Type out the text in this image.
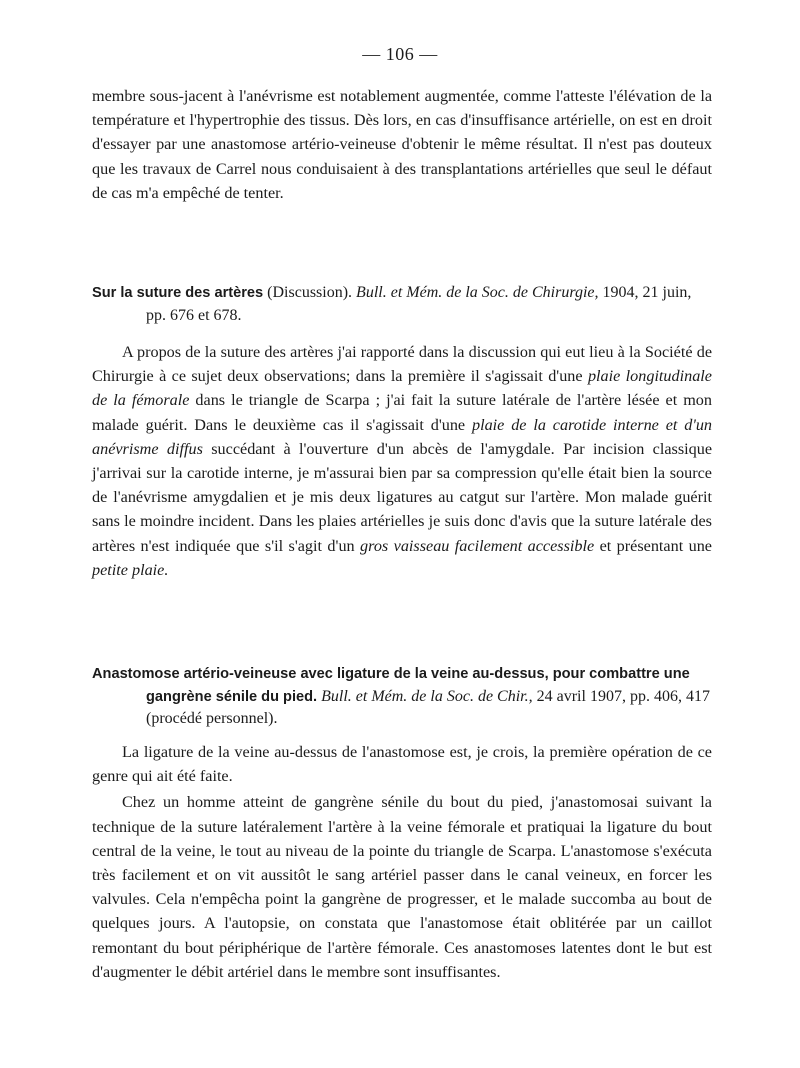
— 106 —

membre sous-jacent à l'anévrisme est notablement augmentée, comme l'atteste l'élévation de la température et l'hypertrophie des tissus. Dès lors, en cas d'insuffisance artérielle, on est en droit d'essayer par une anastomose artério-veineuse d'obtenir le même résultat. Il n'est pas douteux que les travaux de Carrel nous conduisaient à des transplantations artérielles que seul le défaut de cas m'a empêché de tenter.

Sur la suture des artères (Discussion). Bull. et Mém. de la Soc. de Chirurgie, 1904, 21 juin, pp. 676 et 678.

A propos de la suture des artères j'ai rapporté dans la discussion qui eut lieu à la Société de Chirurgie à ce sujet deux observations; dans la première il s'agissait d'une plaie longitudinale de la fémorale dans le triangle de Scarpa ; j'ai fait la suture latérale de l'artère lésée et mon malade guérit. Dans le deuxième cas il s'agissait d'une plaie de la carotide interne et d'un anévrisme diffus succédant à l'ouverture d'un abcès de l'amygdale. Par incision classique j'arrivai sur la carotide interne, je m'assurai bien par sa compression qu'elle était bien la source de l'anévrisme amygdalien et je mis deux ligatures au catgut sur l'artère. Mon malade guérit sans le moindre incident. Dans les plaies artérielles je suis donc d'avis que la suture latérale des artères n'est indiquée que s'il s'agit d'un gros vaisseau facilement accessible et présentant une petite plaie.

Anastomose artério-veineuse avec ligature de la veine au-dessus, pour combattre une gangrène sénile du pied. Bull. et Mém. de la Soc. de Chir., 24 avril 1907, pp. 406, 417 (procédé personnel).

La ligature de la veine au-dessus de l'anastomose est, je crois, la première opération de ce genre qui ait été faite.

Chez un homme atteint de gangrène sénile du bout du pied, j'anastomosai suivant la technique de la suture latéralement l'artère à la veine fémorale et pratiquai la ligature du bout central de la veine, le tout au niveau de la pointe du triangle de Scarpa. L'anastomose s'exécuta très facilement et on vit aussitôt le sang artériel passer dans le canal veineux, en forcer les valvules. Cela n'empêcha point la gangrène de progresser, et le malade succomba au bout de quelques jours. A l'autopsie, on constata que l'anastomose était oblitérée par un caillot remontant du bout périphérique de l'artère fémorale. Ces anastomoses latentes dont le but est d'augmenter le débit artériel dans le membre sont insuffisantes.
